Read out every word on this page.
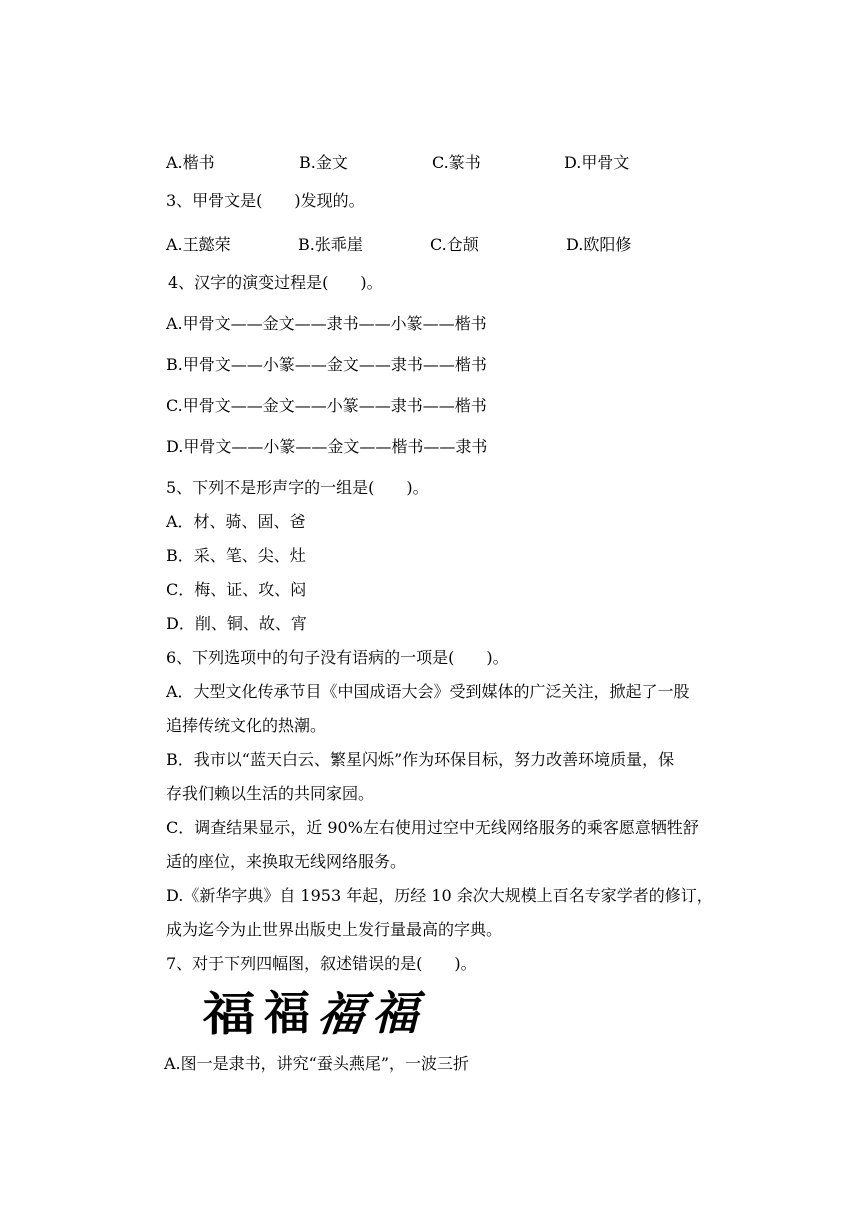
A.楷书	B.金文	C.篆书	D.甲骨文
3、甲骨文是(　　)发现的。
A.王懿荣	B.张乖崖	C.仓颉	D.欧阳修
4、汉字的演变过程是(　　)。
A.甲骨文——金文——隶书——小篆——楷书
B.甲骨文——小篆——金文——隶书——楷书
C.甲骨文——金文——小篆——隶书——楷书
D.甲骨文——小篆——金文——楷书——隶书
5、下列不是形声字的一组是(　　)。
A．材、骑、固、爸
B．采、笔、尖、灶
C．梅、证、攻、闷
D．削、铜、故、宵
6、下列选项中的句子没有语病的一项是(　　)。
A．大型文化传承节目《中国成语大会》受到媒体的广泛关注，掀起了一股
追捧传统文化的热潮。
B．我市以“蓝天白云、繁星闪烁”作为环保目标，努力改善环境质量，保
存我们赖以生活的共同家园。
C．调查结果显示，近 90%左右使用过空中无线网络服务的乘客愿意牺牲舒
适的座位，来换取无线网络服务。
D.《新华字典》自 1953 年起，历经 10 余次大规模上百名专家学者的修订，
成为迄今为止世界出版史上发行量最高的字典。
7、对于下列四幅图，叙述错误的是(　　)。
福 福 福 福
A.图一是隶书，讲究“蚕头燕尾”，一波三折
